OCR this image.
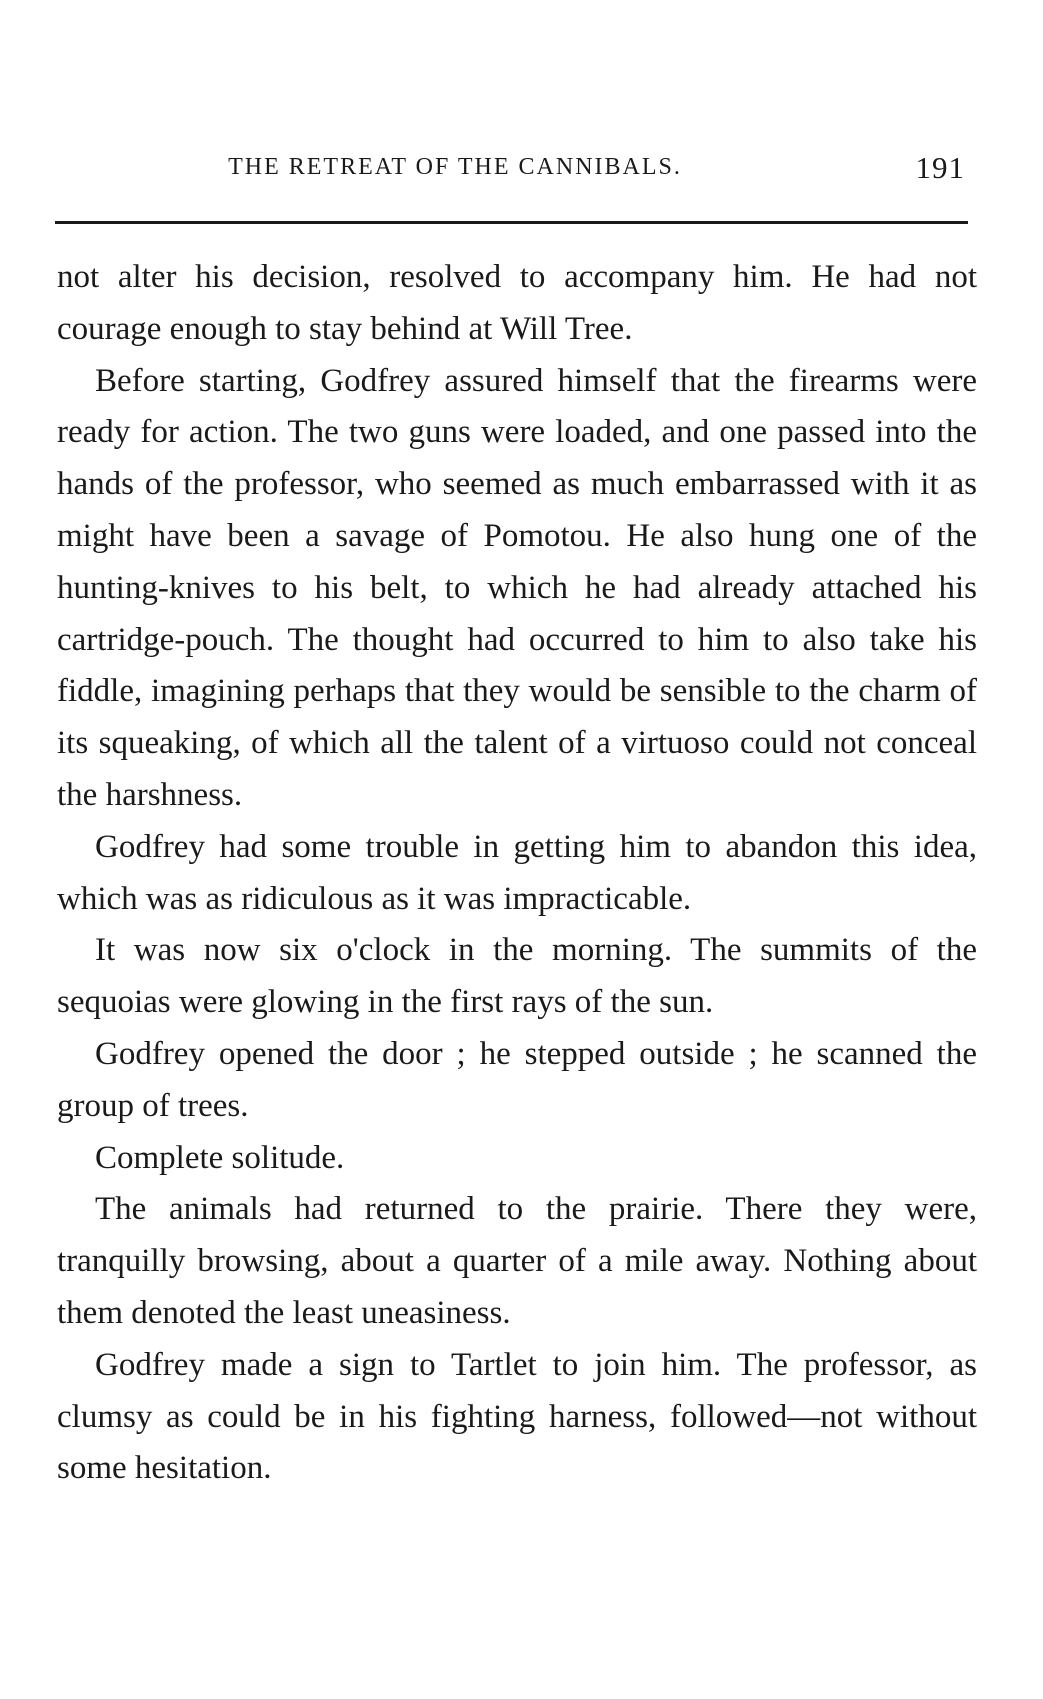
THE RETREAT OF THE CANNIBALS.	191

not alter his decision, resolved to accompany him. He had not courage enough to stay behind at Will Tree.

Before starting, Godfrey assured himself that the firearms were ready for action. The two guns were loaded, and one passed into the hands of the professor, who seemed as much embarrassed with it as might have been a savage of Pomotou. He also hung one of the hunting-knives to his belt, to which he had already attached his cartridge-pouch. The thought had occurred to him to also take his fiddle, imagining perhaps that they would be sensible to the charm of its squeaking, of which all the talent of a virtuoso could not conceal the harshness.

Godfrey had some trouble in getting him to abandon this idea, which was as ridiculous as it was impracticable.

It was now six o'clock in the morning. The summits of the sequoias were glowing in the first rays of the sun.

Godfrey opened the door ; he stepped outside ; he scanned the group of trees.

Complete solitude.

The animals had returned to the prairie. There they were, tranquilly browsing, about a quarter of a mile away. Nothing about them denoted the least uneasiness.

Godfrey made a sign to Tartlet to join him. The professor, as clumsy as could be in his fighting harness, followed—not without some hesitation.
